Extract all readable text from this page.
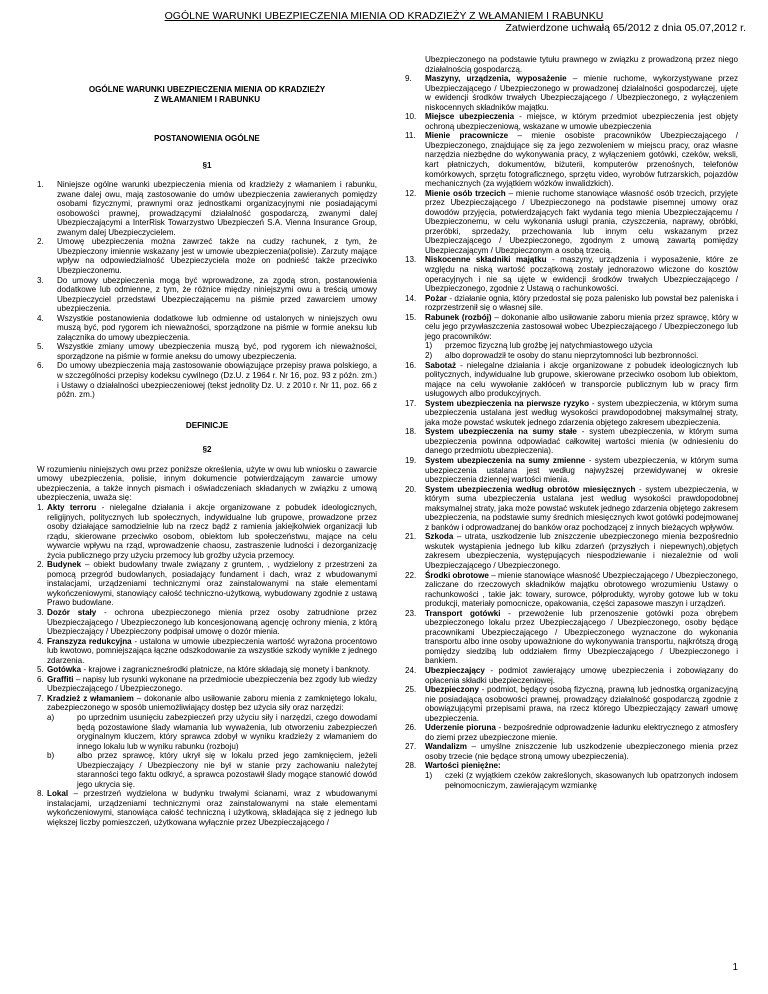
OGÓLNE WARUNKI UBEZPIECZENIA MIENIA OD KRADZIEŻY Z WŁAMANIEM I RABUNKU
Zatwierdzone uchwałą 65/2012 z dnia 05.07,2012 r.
OGÓLNE WARUNKI UBEZPIECZENIA MIENIA OD KRADZIEŻY
Z WŁAMANIEM I RABUNKU
POSTANOWIENIA OGÓLNE
§1
1.	Niniejsze ogólne warunki ubezpieczenia mienia od kradzieży z włamaniem i rabunku, zwane dalej owu, mają zastosowanie do umów ubezpieczenia zawieranych pomiędzy osobami fizycznymi, prawnymi oraz jednostkami organizacyjnymi nie posiadającymi osobowości prawnej, prowadzącymi działalność gospodarczą, zwanymi dalej Ubezpieczającymi a InterRisk Towarzystwo Ubezpieczeń S.A. Vienna Insurance Group, zwanym dalej Ubezpieczycielem.
2.	Umowę ubezpieczenia można zawrzeć także na cudzy rachunek, z tym, że Ubezpieczony imiennie wskazany jest w umowie ubezpieczenia(polisie). Zarzuty mające wpływ na odpowiedzialność Ubezpieczyciela może on podnieść także przeciwko Ubezpieczonemu.
3.	Do umowy ubezpieczenia mogą być wprowadzone, za zgodą stron, postanowienia dodatkowe lub odmienne, z tym, że różnice między niniejszymi owu a treścią umowy Ubezpieczyciel przedstawi Ubezpieczającemu na piśmie przed zawarciem umowy ubezpieczenia.
4.	Wszystkie postanowienia dodatkowe lub odmienne od ustalonych w niniejszych owu muszą być, pod rygorem ich nieważności, sporządzone na piśmie w formie aneksu lub załącznika do umowy ubezpieczenia.
5.	Wszystkie zmiany umowy ubezpieczenia muszą być, pod rygorem ich nieważności, sporządzone na piśmie w formie aneksu do umowy ubezpieczenia.
6.	Do umowy ubezpieczenia mają zastosowanie obowiązujące przepisy prawa polskiego, a w szczególności przepisy kodeksu cywilnego (Dz.U. z 1964 r. Nr 16, poz. 93 z późn. zm.) i Ustawy o działalności ubezpieczeniowej (tekst jednolity Dz. U. z 2010 r. Nr 11, poz. 66 z późn. zm.)
DEFINICJE
§2

W rozumieniu niniejszych owu przez poniższe określenia, użyte w owu lub wniosku o zawarcie umowy ubezpieczenia, polisie, innym dokumencie potwierdzającym zawarcie umowy ubezpieczenia, a także innych pismach i oświadczeniach składanych w związku z umową ubezpieczenia, uważa się:

1. Akty terroru - nielegalne działania i akcje organizowane z pobudek ideologicznych, religijnych, politycznych lub społecznych, indywidualne lub grupowe, prowadzone przez osoby działające samodzielnie lub na rzecz bądź z ramienia jakiejkolwiek organizacji lub rządu, skierowane przeciwko osobom, obiektom lub społeczeństwu, mające na celu wywarcie wpływu na rząd, wprowadzenie chaosu, zastraszenie ludności i dezorganizację życia publicznego przy użyciu przemocy lub groźby użycia przemocy.
2. Budynek – obiekt budowlany trwale związany z gruntem, , wydzielony z przestrzeni za pomocą przegród budowlanych, posiadający fundament i dach, wraz z wbudowanymi instalacjami, urządzeniami technicznymi oraz zainstalowanymi na stałe elementami wykończeniowymi, stanowiący całość techniczno-użytkową, wybudowany zgodnie z ustawą Prawo budowlane.
3. Dozór stały - ochrona ubezpieczonego mienia przez osoby zatrudnione przez Ubezpieczającego / Ubezpieczonego lub koncesjonowaną agencję ochrony mienia, z którą Ubezpieczający / Ubezpieczony podpisał umowę o dozór mienia.
4. Franszyza redukcyjna - ustalona w umowie ubezpieczenia wartość wyrażona procentowo lub kwotowo, pomniejszająca łączne odszkodowanie za wszystkie szkody wynikłe z jednego zdarzenia.
5. Gotówka - krajowe i zagraniczneśrodki płatnicze, na które składają się monety i banknoty.
6. Graffiti – napisy lub rysunki wykonane na przedmiocie ubezpieczenia bez zgody lub wiedzy Ubezpieczającego / Ubezpieczonego.
7. Kradzież z włamaniem – dokonanie albo usiłowanie zaboru mienia z zamkniętego lokalu, zabezpieczonego w sposób uniemożliwiający dostęp bez użycia siły oraz narzędzi:
a)	po uprzednim usunięciu zabezpieczeń przy użyciu siły i narzędzi, czego dowodami będą pozostawione ślady włamania lub wyważenia, lub otworzeniu zabezpieczeń oryginalnym kluczem, który sprawca zdobył w wyniku kradzieży z włamaniem do innego lokalu lub w wyniku rabunku (rozboju)
b)	albo przez sprawcę, który ukrył się w lokalu przed jego zamknięciem, jeżeli Ubezpieczający / Ubezpieczony nie był w stanie przy zachowaniu należytej staranności tego faktu odkryć, a sprawca pozostawił ślady mogące stanowić dowód jego ukrycia się.
8. Lokal – przestrzeń wydzielona w budynku trwałymi ścianami, wraz z wbudowanymi instalacjami, urządzeniami technicznymi oraz zainstalowanymi na stałe elementami wykończeniowymi, stanowiąca całość techniczną i użytkową, składająca się z jednego lub większej liczby pomieszczeń, użytkowana wyłącznie przez Ubezpieczającego /
Ubezpieczonego na podstawie tytułu prawnego w związku z prowadzoną przez niego działalnością gospodarczą.
9.	Maszyny, urządzenia, wyposażenie – mienie ruchome, wykorzystywane przez Ubezpieczającego / Ubezpieczonego w prowadzonej działalności gospodarczej, ujęte w ewidencji środków trwałych Ubezpieczającego / Ubezpieczonego, z wyłączeniem niskocennych składników majątku.
10.	Miejsce ubezpieczenia - miejsce, w którym przedmiot ubezpieczenia jest objęty ochroną ubezpieczeniową, wskazane w umowie ubezpieczenia
11.	Mienie pracownicze – mienie osobiste pracowników Ubezpieczającego / Ubezpieczonego, znajdujące się za jego zezwoleniem w miejscu pracy, oraz własne narzędzia niezbędne do wykonywania pracy, z wyłączeniem gotówki, czeków, weksli, kart płatniczych, dokumentów, biżuterii, komputerów przenośnych, telefonów komórkowych, sprzętu fotograficznego, sprzętu video, wyrobów futrzarskich, pojazdów mechanicznych (za wyjątkiem wózków inwalidzkich).
12.	Mienie osób trzecich – mienie ruchome stanowiące własność osób trzecich, przyjęte przez Ubezpieczającego / Ubezpieczonego na podstawie pisemnej umowy oraz dowodów przyjęcia, potwierdzających fakt wydania tego mienia Ubezpieczającemu / Ubezpieczonemu, w celu wykonania usługi prania, czyszczenia, naprawy, obróbki, przeróbki, sprzedaży, przechowania lub innym celu wskazanym przez Ubezpieczającego / Ubezpieczonego, zgodnym z umową zawartą pomiędzy Ubezpieczającym / Ubezpieczonym a osobą trzecią.
13.	Niskocenne składniki majątku - maszyny, urządzenia i wyposażenie, które ze względu na niską wartość początkową zostały jednorazowo wliczone do kosztów operacyjnych i nie są ujęte w ewidencji środków trwałych Ubezpieczającego / Ubezpieczonego, zgodnie z Ustawą o rachunkowości.
14.	Pożar - działanie ognia, który przedostał się poza palenisko lub powstał bez paleniska i rozprzestrzenił się o własnej sile.
15.	Rabunek (rozbój) – dokonanie albo usiłowanie zaboru mienia przez sprawcę, który w celu jego przywłaszczenia zastosował wobec Ubezpieczającego / Ubezpieczonego lub jego pracowników:
1)	przemoc fizyczną lub groźbę jej natychmiastowego użycia
2)	albo doprowadził te osoby do stanu nieprzytomności lub bezbronności.
16.	Sabotaż - nielegalne działania i akcje organizowane z pobudek ideologicznych lub politycznych, indywidualne lub grupowe, skierowane przeciwko osobom lub obiektom, mające na celu wywołanie zakłóceń w transporcie publicznym lub w pracy firm usługowych albo produkcyjnych.
17.	System ubezpieczenia na pierwsze ryzyko - system ubezpieczenia, w którym suma ubezpieczenia ustalana jest według wysokości prawdopodobnej maksymalnej straty, jaka może powstać wskutek jednego zdarzenia objętego zakresem ubezpieczenia.
18.	System ubezpieczenia na sumy stałe - system ubezpieczenia, w którym suma ubezpieczenia powinna odpowiadać całkowitej wartości mienia (w odniesieniu do danego przedmiotu ubezpieczenia).
19.	System ubezpieczenia na sumy zmienne - system ubezpieczenia, w którym suma ubezpieczenia ustalana jest według najwyższej przewidywanej w okresie ubezpieczenia dziennej wartości mienia.
20.	System ubezpieczenia według obrotów miesięcznych - system ubezpieczenia, w którym suma ubezpieczenia ustalana jest według wysokości prawdopodobnej maksymalnej straty, jaka może powstać wskutek jednego zdarzenia objętego zakresem ubezpieczenia, na podstawie sumy średnich miesięcznych kwot gotówki podejmowanej z banków i odprowadzanej do banków oraz pochodzącej z innych bieżących wpływów.
21.	Szkoda – utrata, uszkodzenie lub zniszczenie ubezpieczonego mienia bezpośrednio wskutek wystąpienia jednego lub kilku zdarzeń (przyszłych i niepewnych),objętych zakresem ubezpieczenia, występujących niespodziewanie i niezależnie od woli Ubezpieczającego / Ubezpieczonego.
22.	Środki obrotowe – mienie stanowiące własność Ubezpieczającego / Ubezpieczonego, zaliczane do rzeczowych składników majątku obrotowego wrozumieniu Ustawy o rachunkowości , takie jak: towary, surowce, półprodukty, wyroby gotowe lub w toku produkcji, materiały pomocnicze, opakowania, części zapasowe maszyn i urządzeń.
23.	Transport gotówki - przewożenie lub przenoszenie gotówki poza obrębem ubezpieczonego lokalu przez Ubezpieczającego / Ubezpieczonego, osoby będące pracownikami Ubezpieczającego / Ubezpieczonego wyznaczone do wykonania transportu albo inne osoby upoważnione do wykonywania transportu, najkrótszą drogą pomiędzy siedzibą lub oddziałem firmy Ubezpieczającego / Ubezpieczonego i bankiem.
24.	Ubezpieczający - podmiot zawierający umowę ubezpieczenia i zobowiązany do opłacenia składki ubezpieczeniowej.
25.	Ubezpieczony - podmiot, będący osobą fizyczną, prawną lub jednostką organizacyjną nie posiadającą osobowości prawnej, prowadzący działalność gospodarczą zgodnie z obowiązującymi przepisami prawa, na rzecz którego Ubezpieczający zawarł umowę ubezpieczenia.
26.	Uderzenie pioruna - bezpośrednie odprowadzenie ładunku elektrycznego z atmosfery do ziemi przez ubezpieczone mienie.
27.	Wandalizm – umyślne zniszczenie lub uszkodzenie ubezpieczonego mienia przez osoby trzecie (nie będące stroną umowy ubezpieczenia).
28.	Wartości pieniężne:
1)	czeki (z wyjątkiem czeków zakreślonych, skasowanych lub opatrzonych indosem pełnomocniczym, zawierającym wzmiankę
1
